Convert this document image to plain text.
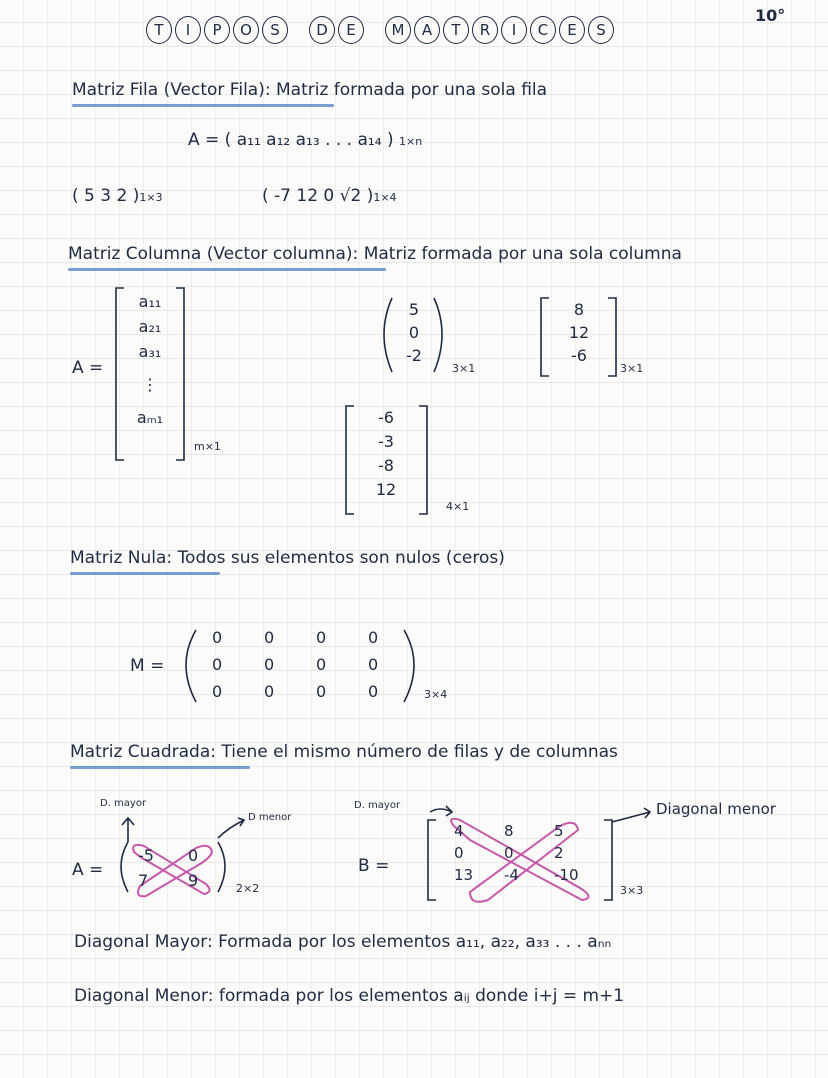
10°
T I P O S D E M A T R I C E S
Matriz Fila (Vector Fila): Matriz formada por una sola fila
A = ( a₁₁ a₁₂ a₁₃ . . . a₁₄ ) 1×n
( 5 3 2 )1×3	( -7 12 0 √2 )1×4
Matriz Columna (Vector columna): Matriz formada por una sola columna
A =
a₁₁
a₂₁
a₃₁
⋮
aₘ₁
m×1
5
0
-2
3×1
8
12
-6
3×1
-6
-3
-8
12
4×1
Matriz Nula: Todos sus elementos son nulos (ceros)
M =
0	0	0	0
0	0	0	0
0	0	0	0	3×4
Matriz Cuadrada: Tiene el mismo número de filas y de columnas
D. mayor
D menor
A =
-5	0
7	9	2×2
D. mayor	Diagonal menor
B =
4	8	5
0	0	2
13	-4	-10
3×3
Diagonal Mayor: Formada por los elementos a₁₁, a₂₂, a₃₃ . . . aₙₙ
Diagonal Menor: formada por los elementos aᵢⱼ donde i+j = m+1
